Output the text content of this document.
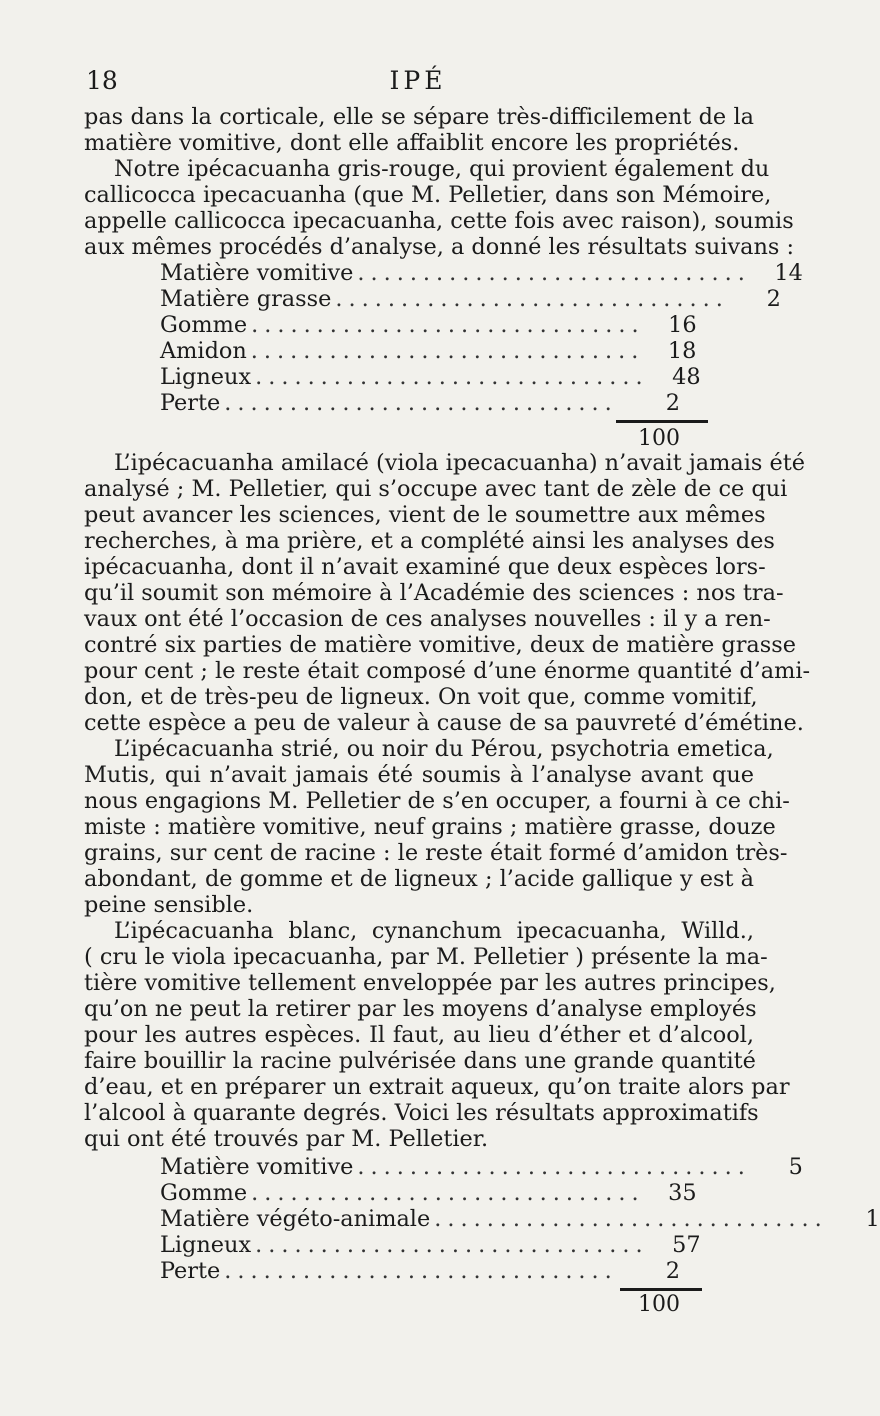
18	IPÉ
pas dans la corticale, elle se sépare très-difficilement de la
matière vomitive, dont elle affaiblit encore les propriétés.
Notre ipécacuanha gris-rouge, qui provient également du
callicocca ipecacuanha (que M. Pelletier, dans son Mémoire,
appelle callicocca ipecacuanha, cette fois avec raison), soumis
aux mêmes procédés d’analyse, a donné les résultats suivans :
Matière vomitive ..............................	14
Matière grasse ..............................	2
Gomme ..............................	16
Amidon ..............................	18
Ligneux ..............................	48
Perte ..............................	2
100
L’ipécacuanha amilacé (viola ipecacuanha) n’avait jamais été
analysé ; M. Pelletier, qui s’occupe avec tant de zèle de ce qui
peut avancer les sciences, vient de le soumettre aux mêmes
recherches, à ma prière, et a complété ainsi les analyses des
ipécacuanha, dont il n’avait examiné que deux espèces lors-
qu’il soumit son mémoire à l’Académie des sciences : nos tra-
vaux ont été l’occasion de ces analyses nouvelles : il y a ren-
contré six parties de matière vomitive, deux de matière grasse
pour cent ; le reste était composé d’une énorme quantité d’ami-
don, et de très-peu de ligneux. On voit que, comme vomitif,
cette espèce a peu de valeur à cause de sa pauvreté d’émétine.
L’ipécacuanha strié, ou noir du Pérou, psychotria emetica,
Mutis, qui n’avait jamais été soumis à l’analyse avant que
nous engagions M. Pelletier de s’en occuper, a fourni à ce chi-
miste : matière vomitive, neuf grains ; matière grasse, douze
grains, sur cent de racine : le reste était formé d’amidon très-
abondant, de gomme et de ligneux ; l’acide gallique y est à
peine sensible.
L’ipécacuanha blanc, cynanchum ipecacuanha, Willd.,
( cru le viola ipecacuanha, par M. Pelletier ) présente la ma-
tière vomitive tellement enveloppée par les autres principes,
qu’on ne peut la retirer par les moyens d’analyse employés
pour les autres espèces. Il faut, au lieu d’éther et d’alcool,
faire bouillir la racine pulvérisée dans une grande quantité
d’eau, et en préparer un extrait aqueux, qu’on traite alors par
l’alcool à quarante degrés. Voici les résultats approximatifs
qui ont été trouvés par M. Pelletier.
Matière vomitive ..............................	5
Gomme ..............................	35
Matière végéto-animale ..............................	1
Ligneux ..............................	57
Perte ..............................	2
100
